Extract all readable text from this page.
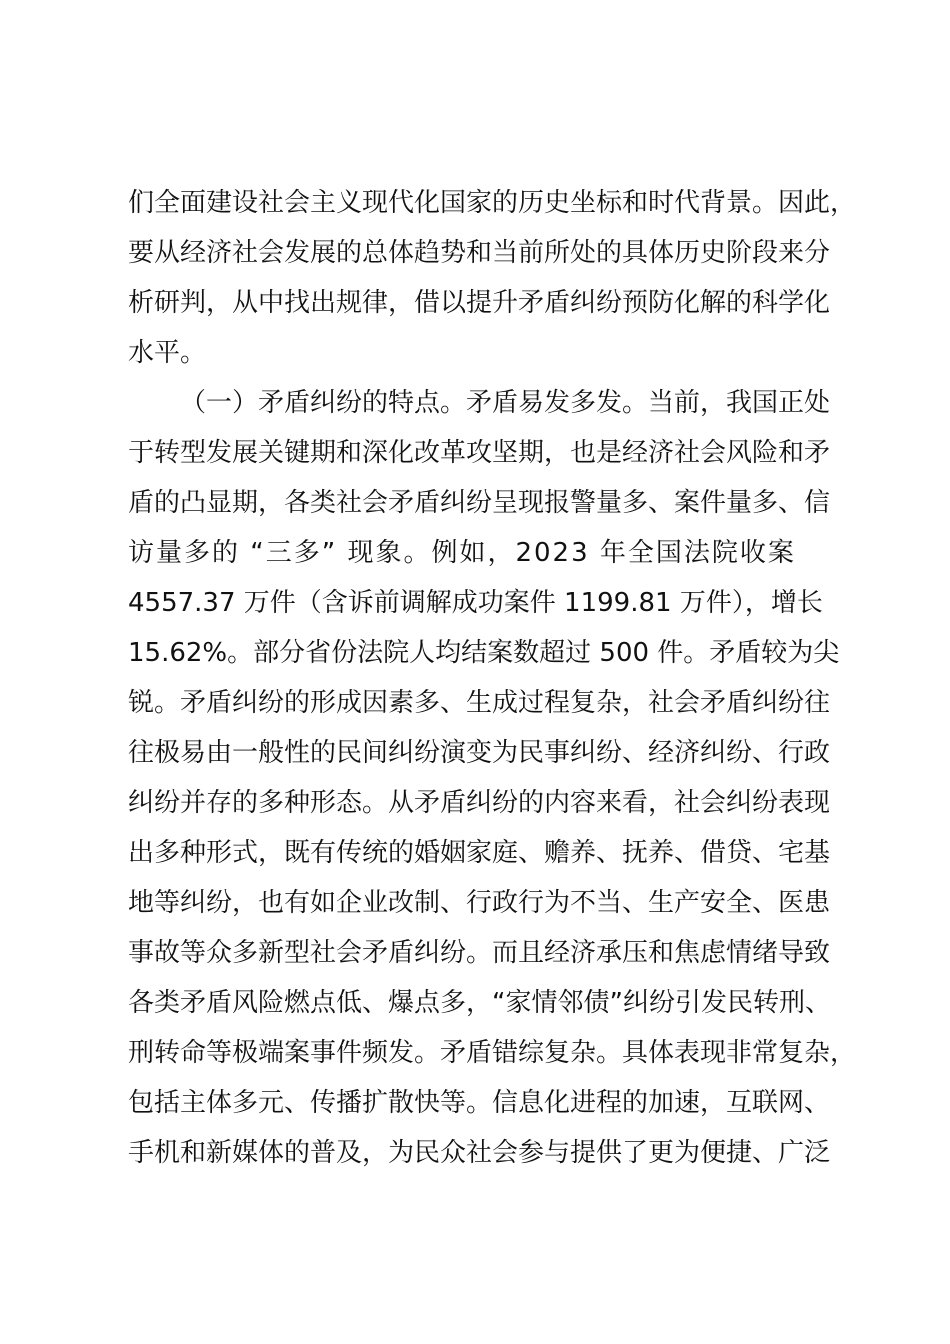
们全面建设社会主义现代化国家的历史坐标和时代背景。因此，
要从经济社会发展的总体趋势和当前所处的具体历史阶段来分
析研判，从中找出规律，借以提升矛盾纠纷预防化解的科学化
水平。
（一）矛盾纠纷的特点。矛盾易发多发。当前，我国正处
于转型发展关键期和深化改革攻坚期，也是经济社会风险和矛
盾的凸显期，各类社会矛盾纠纷呈现报警量多、案件量多、信
访量多的 “三多” 现象。例如，2023 年全国法院收案
4557.37 万件（含诉前调解成功案件 1199.81 万件），增长
15.62%。部分省份法院人均结案数超过 500 件。矛盾较为尖
锐。矛盾纠纷的形成因素多、生成过程复杂，社会矛盾纠纷往
往极易由一般性的民间纠纷演变为民事纠纷、经济纠纷、行政
纠纷并存的多种形态。从矛盾纠纷的内容来看，社会纠纷表现
出多种形式，既有传统的婚姻家庭、赡养、抚养、借贷、宅基
地等纠纷，也有如企业改制、行政行为不当、生产安全、医患
事故等众多新型社会矛盾纠纷。而且经济承压和焦虑情绪导致
各类矛盾风险燃点低、爆点多，“家情邻债”纠纷引发民转刑、
刑转命等极端案事件频发。矛盾错综复杂。具体表现非常复杂，
包括主体多元、传播扩散快等。信息化进程的加速，互联网、
手机和新媒体的普及，为民众社会参与提供了更为便捷、广泛
